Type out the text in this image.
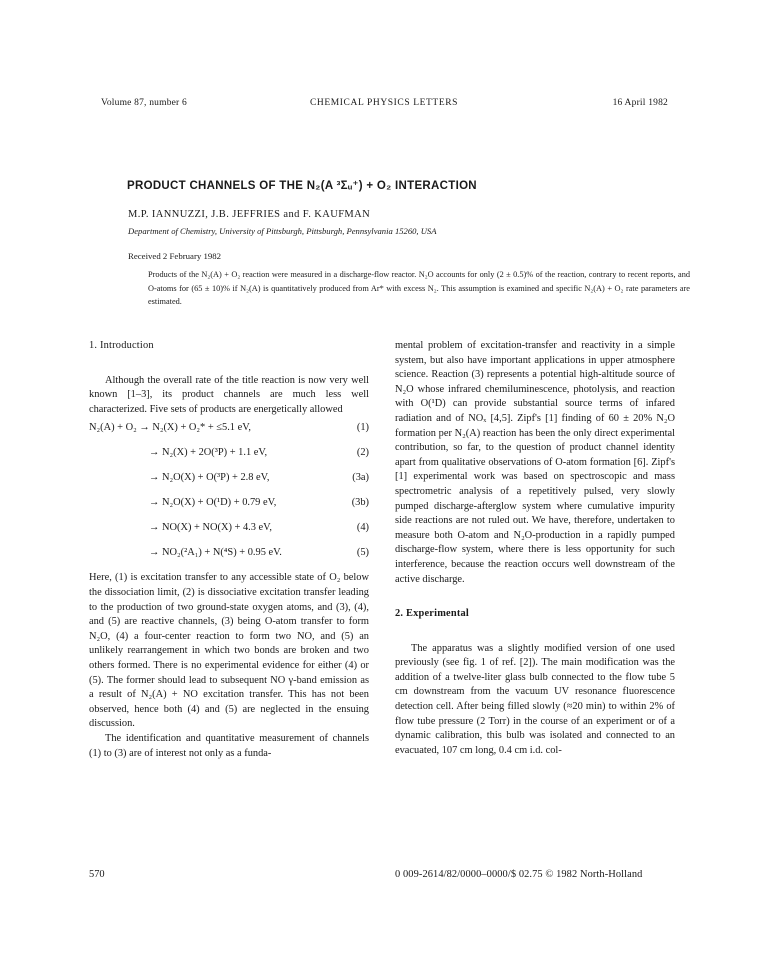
Volume 87, number 6	CHEMICAL PHYSICS LETTERS	16 April 1982
PRODUCT CHANNELS OF THE N₂(A ³Σᵤ⁺) + O₂ INTERACTION
M.P. IANNUZZI, J.B. JEFFRIES and F. KAUFMAN
Department of Chemistry, University of Pittsburgh, Pittsburgh, Pennsylvania 15260, USA
Received 2 February 1982
Products of the N₂(A) + O₂ reaction were measured in a discharge-flow reactor. N₂O accounts for only (2 ± 0.5)% of the reaction, contrary to recent reports, and O-atoms for (65 ± 10)% if N₂(A) is quantitatively produced from Ar* with excess N₂. This assumption is examined and specific N₂(A) + O₂ rate parameters are estimated.
1. Introduction

Although the overall rate of the title reaction is now very well known [1–3], its product channels are much less well characterized. Five sets of products are energetically allowed

N₂(A) + O₂ → N₂(X) + O₂* + ≤5.1 eV,	(1)
→ N₂(X) + 2O(³P) + 1.1 eV,	(2)
→ N₂O(X) + O(³P) + 2.8 eV,	(3a)
→ N₂O(X) + O(¹D) + 0.79 eV,	(3b)
→ NO(X) + NO(X) + 4.3 eV,	(4)
→ NO₂(²A₁) + N(⁴S) + 0.95 eV.	(5)

Here, (1) is excitation transfer to any accessible state of O₂ below the dissociation limit, (2) is dissociative excitation transfer leading to the production of two ground-state oxygen atoms, and (3), (4), and (5) are reactive channels, (3) being O-atom transfer to form N₂O, (4) a four-center reaction to form two NO, and (5) an unlikely rearrangement in which two bonds are broken and two others formed. There is no experimental evidence for either (4) or (5). The former should lead to subsequent NO γ-band emission as a result of N₂(A) + NO excitation transfer. This has not been observed, hence both (4) and (5) are neglected in the ensuing discussion.

The identification and quantitative measurement of channels (1) to (3) are of interest not only as a funda-

mental problem of excitation-transfer and reactivity in a simple system, but also have important applications in upper atmosphere science. Reaction (3) represents a potential high-altitude source of N₂O whose infrared chemiluminescence, photolysis, and reaction with O(¹D) can provide substantial source terms of infared radiation and of NOₓ [4,5]. Zipf's [1] finding of 60 ± 20% N₂O formation per N₂(A) reaction has been the only direct experimental contribution, so far, to the question of product channel identity apart from qualitative observations of O-atom formation [6]. Zipf's [1] experimental work was based on spectroscopic and mass spectrometric analysis of a repetitively pulsed, very slowly pumped discharge-afterglow system where cumulative impurity side reactions are not ruled out. We have, therefore, undertaken to measure both O-atom and N₂O-production in a rapidly pumped discharge-flow system, where there is less opportunity for such interference, because the reaction occurs well downstream of the active discharge.

2. Experimental

The apparatus was a slightly modified version of one used previously (see fig. 1 of ref. [2]). The main modification was the addition of a twelve-liter glass bulb connected to the flow tube 5 cm downstream from the vacuum UV resonance fluorescence detection cell. After being filled slowly (≈20 min) to within 2% of flow tube pressure (2 Torr) in the course of an experiment or of a dynamic calibration, this bulb was isolated and connected to an evacuated, 107 cm long, 0.4 cm i.d. col-

570	0 009-2614/82/0000–0000/$ 02.75 © 1982 North-Holland
